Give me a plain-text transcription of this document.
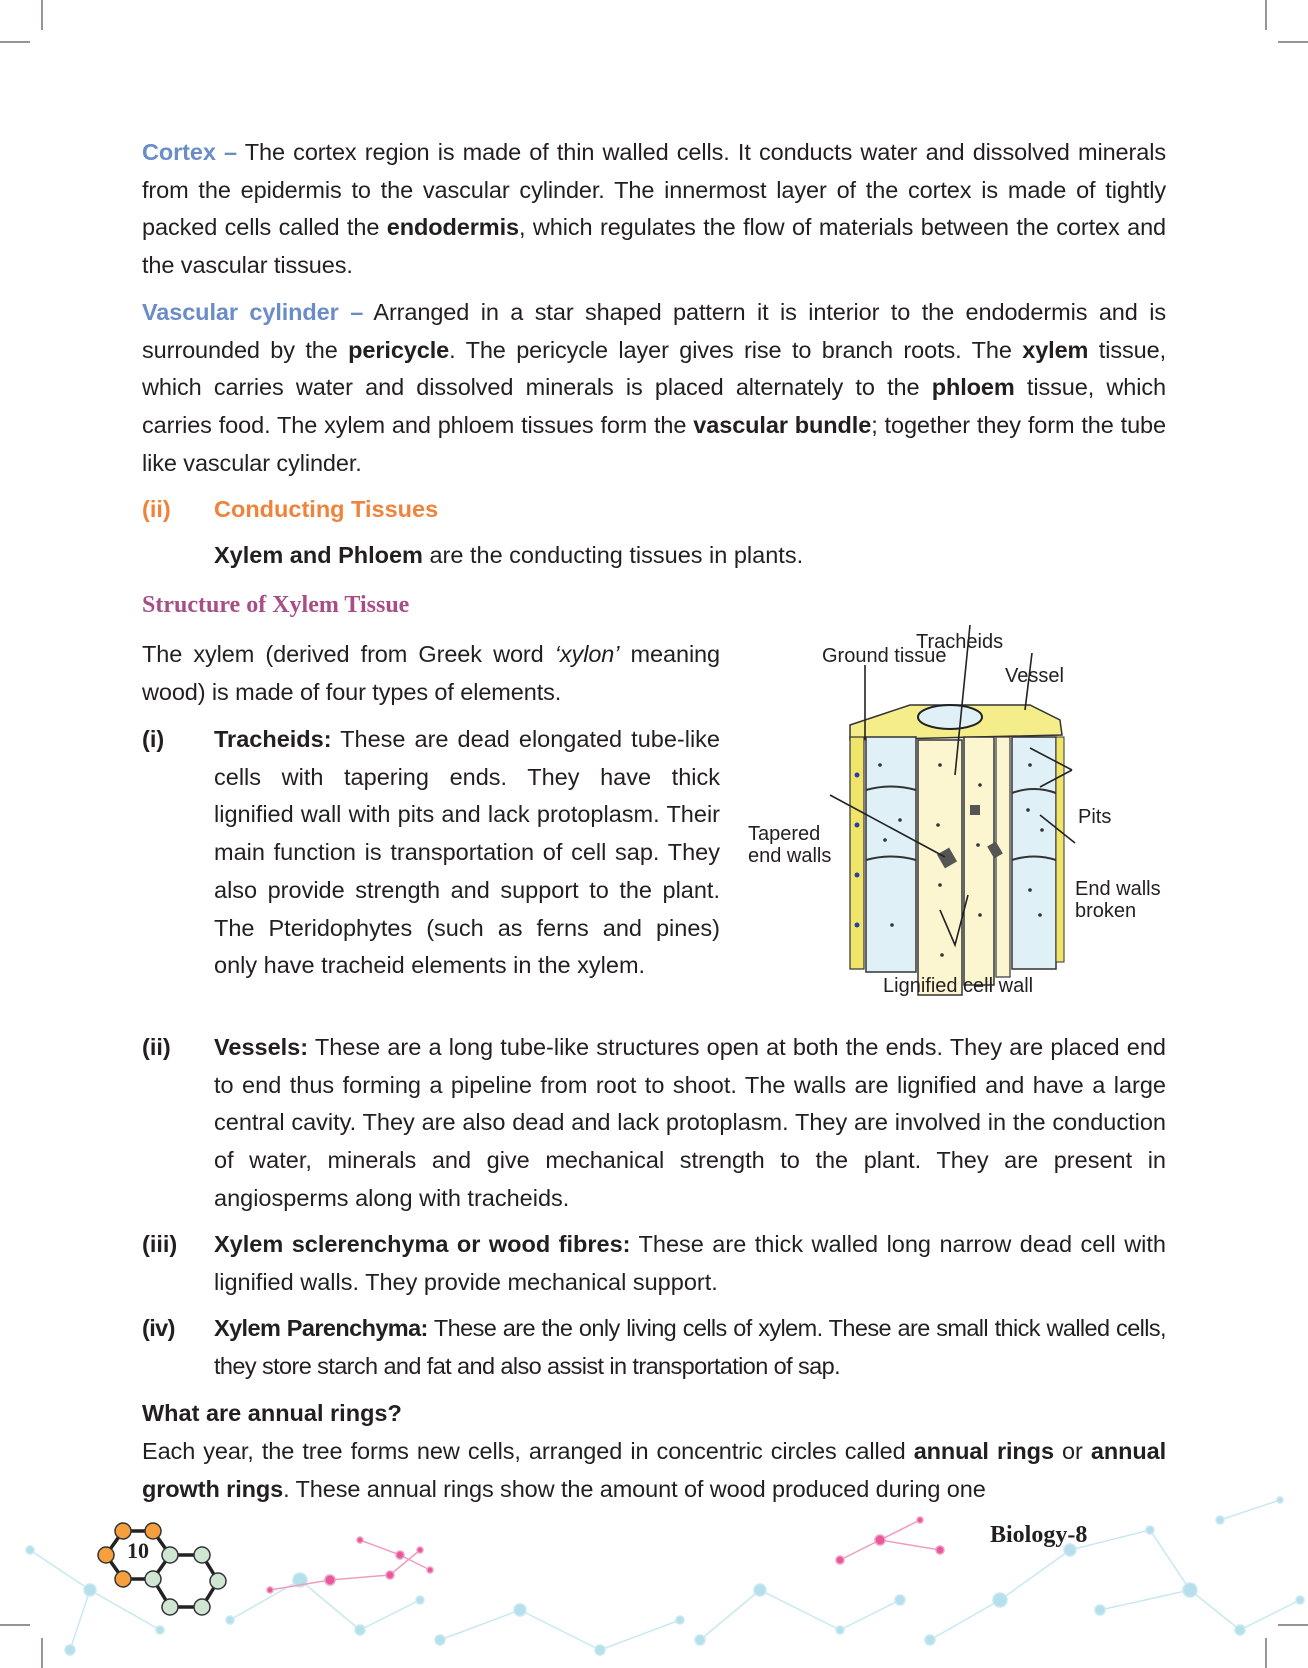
Cortex – The cortex region is made of thin walled cells. It conducts water and dissolved minerals from the epidermis to the vascular cylinder. The innermost layer of the cortex is made of tightly packed cells called the endodermis, which regulates the flow of materials between the cortex and the vascular tissues.

Vascular cylinder – Arranged in a star shaped pattern it is interior to the endodermis and is surrounded by the pericycle. The pericycle layer gives rise to branch roots. The xylem tissue, which carries water and dissolved minerals is placed alternately to the phloem tissue, which carries food. The xylem and phloem tissues form the vascular bundle; together they form the tube like vascular cylinder.

(ii) Conducting Tissues
Xylem and Phloem are the conducting tissues in plants.
Structure of Xylem Tissue

The xylem (derived from Greek word ‘xylon’ meaning wood) is made of four types of elements.

(i) Tracheids: These are dead elongated tube-like cells with tapering ends. They have thick lignified wall with pits and lack protoplasm. Their main function is transportation of cell sap. They also provide strength and support to the plant. The Pteridophytes (such as ferns and pines) only have tracheid elements in the xylem.
(ii) Vessels: These are a long tube-like structures open at both the ends. They are placed end to end thus forming a pipeline from root to shoot. The walls are lignified and have a large central cavity. They are also dead and lack protoplasm. They are involved in the conduction of water, minerals and give mechanical strength to the plant. They are present in angiosperms along with tracheids.
(iii) Xylem sclerenchyma or wood fibres: These are thick walled long narrow dead cell with lignified walls. They provide mechanical support.
(iv) Xylem Parenchyma: These are the only living cells of xylem. These are small thick walled cells, they store starch and fat and also assist in transportation of sap.
What are annual rings?

Each year, the tree forms new cells, arranged in concentric circles called annual rings or annual growth rings. These annual rings show the amount of wood produced during one

Ground tissue
Tracheids
Vessel
Pits
Tapered end walls
End walls broken
Lignified cell wall
10
Biology-8
